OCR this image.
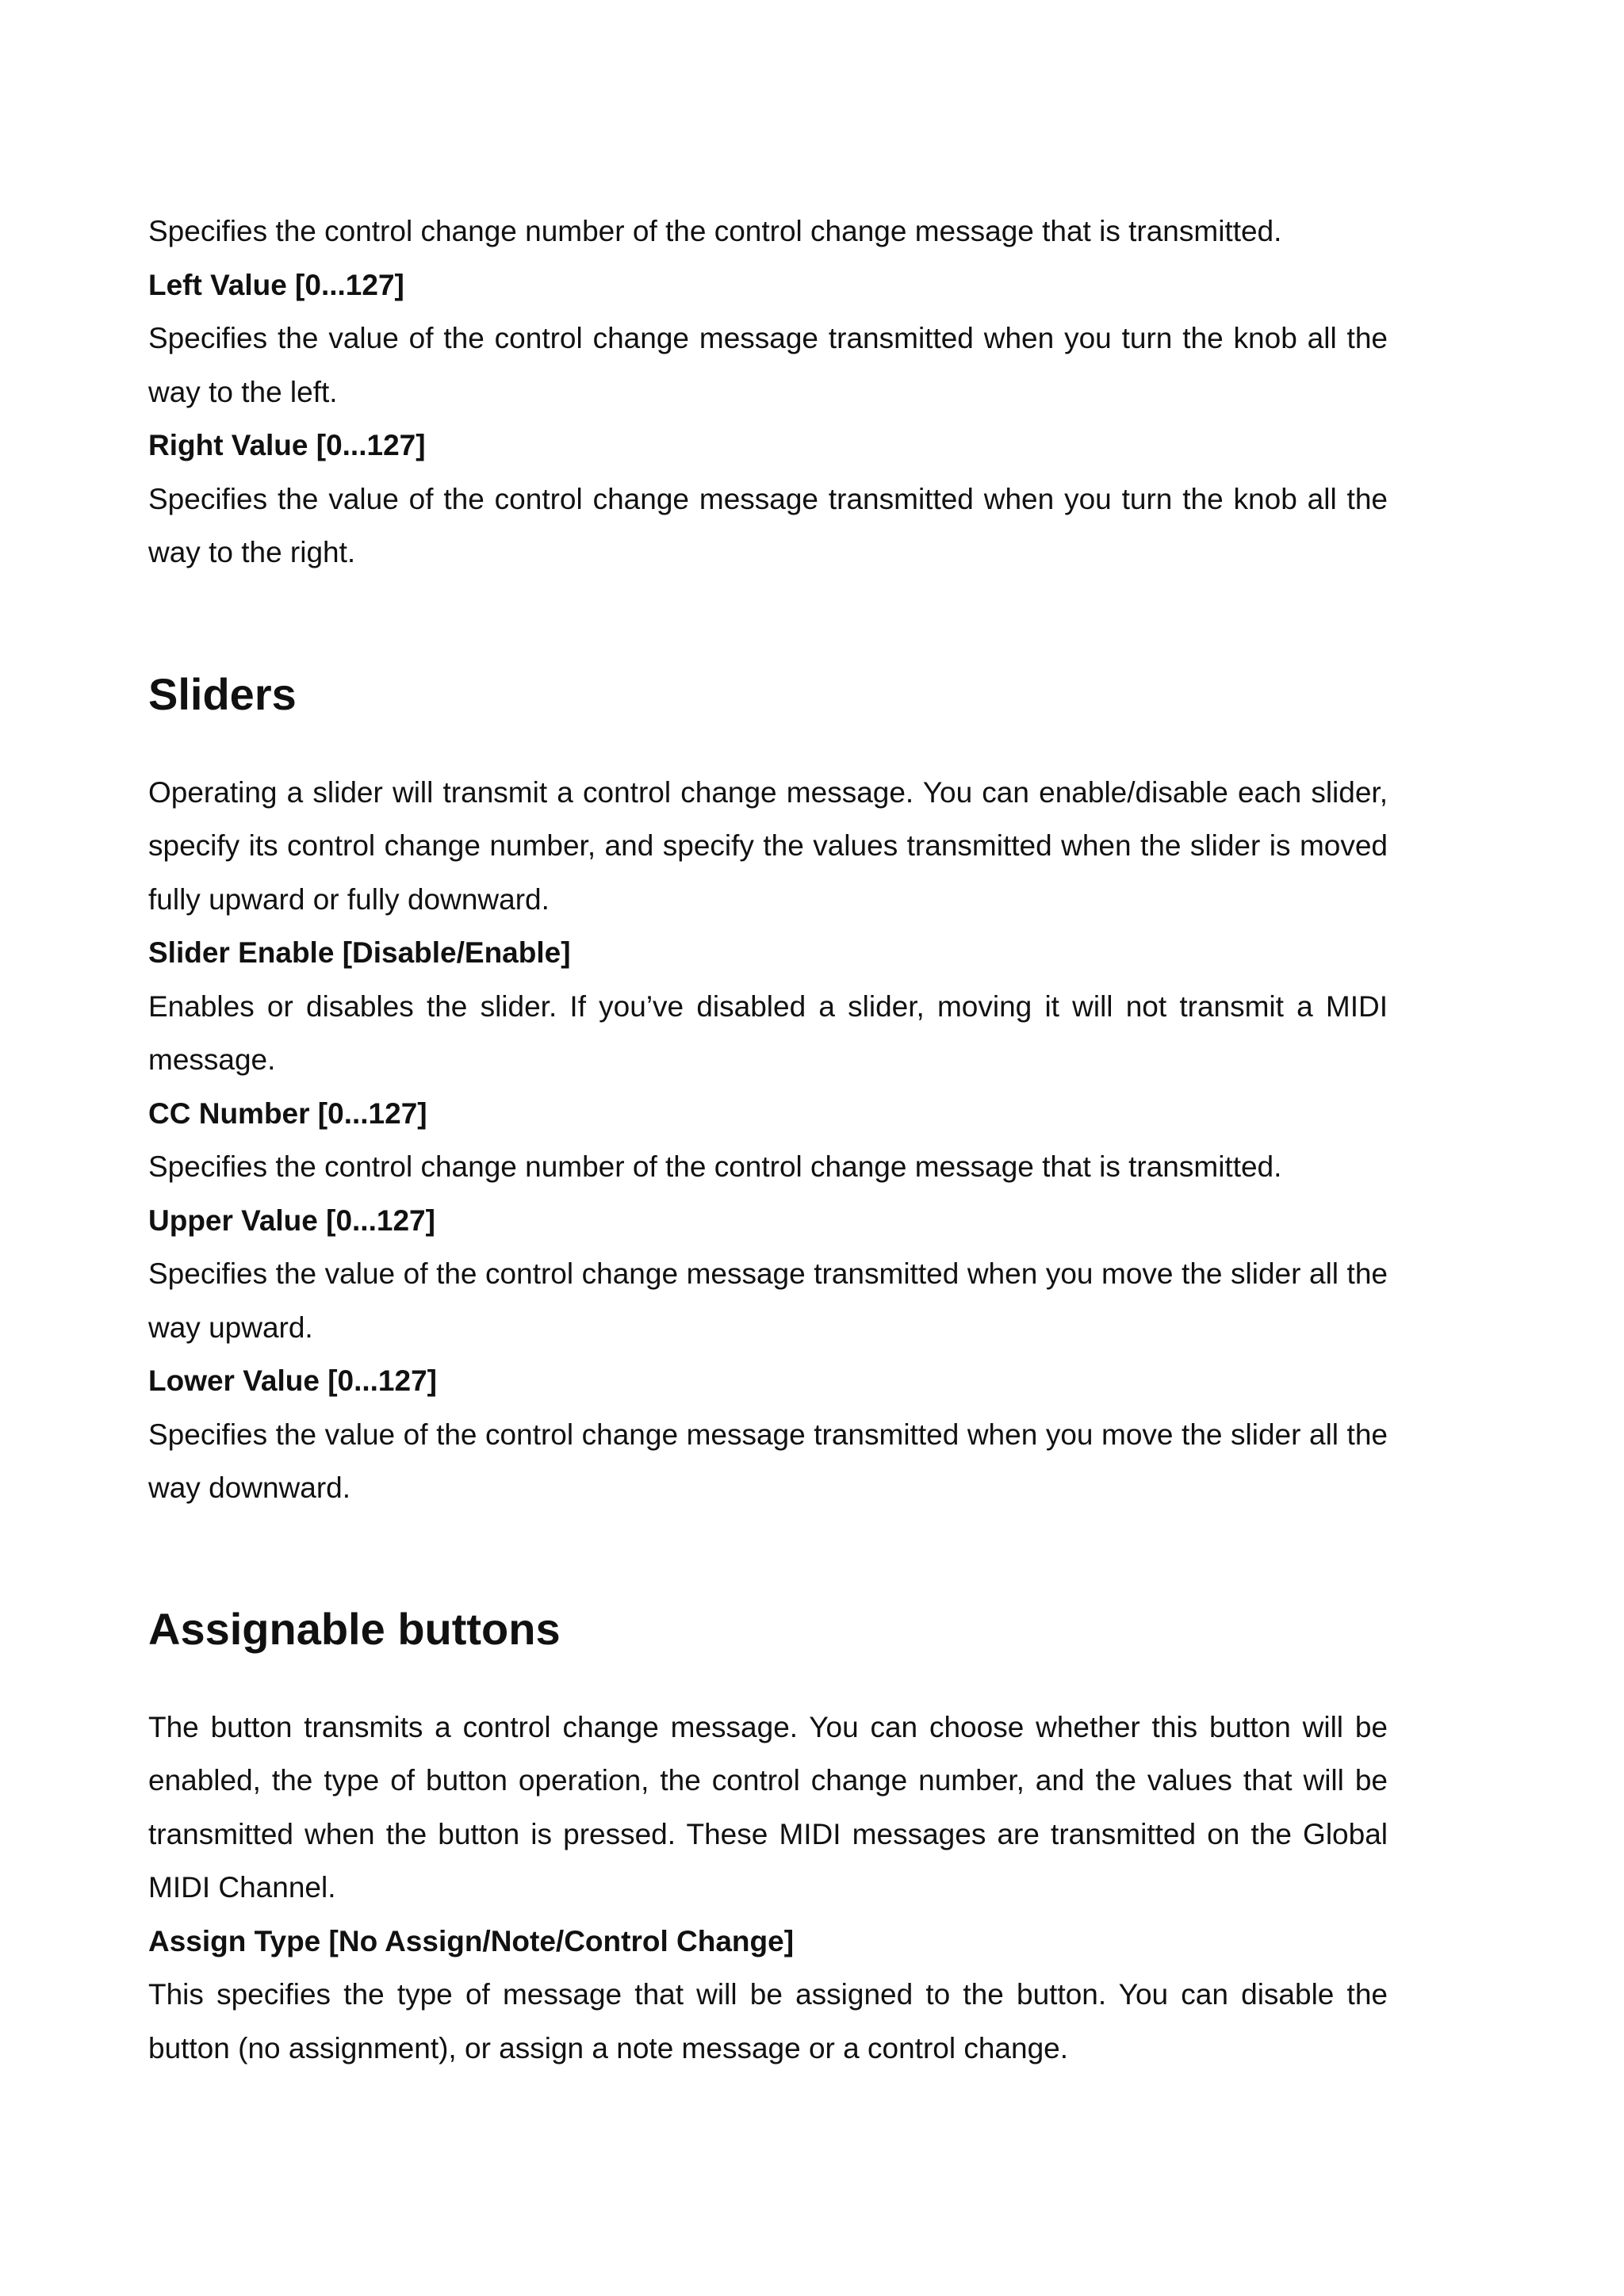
Specifies the control change number of the control change message that is transmitted.

Left Value [0...127]

Specifies the value of the control change message transmitted when you turn the knob all the way to the left.

Right Value [0...127]

Specifies the value of the control change message transmitted when you turn the knob all the way to the right.

Sliders

Operating a slider will transmit a control change message. You can enable/disable each slider, specify its control change number, and specify the values transmitted when the slider is moved fully upward or fully downward.

Slider Enable [Disable/Enable]

Enables or disables the slider. If you’ve disabled a slider, moving it will not transmit a MIDI message.

CC Number [0...127]

Specifies the control change number of the control change message that is transmitted.

Upper Value [0...127]

Specifies the value of the control change message transmitted when you move the slider all the way upward.

Lower Value [0...127]

Specifies the value of the control change message transmitted when you move the slider all the way downward.

Assignable buttons

The button transmits a control change message. You can choose whether this button will be enabled, the type of button operation, the control change number, and the values that will be transmitted when the button is pressed. These MIDI messages are transmitted on the Global MIDI Channel.

Assign Type [No Assign/Note/Control Change]

This specifies the type of message that will be assigned to the button. You can disable the button (no assignment), or assign a note message or a control change.
